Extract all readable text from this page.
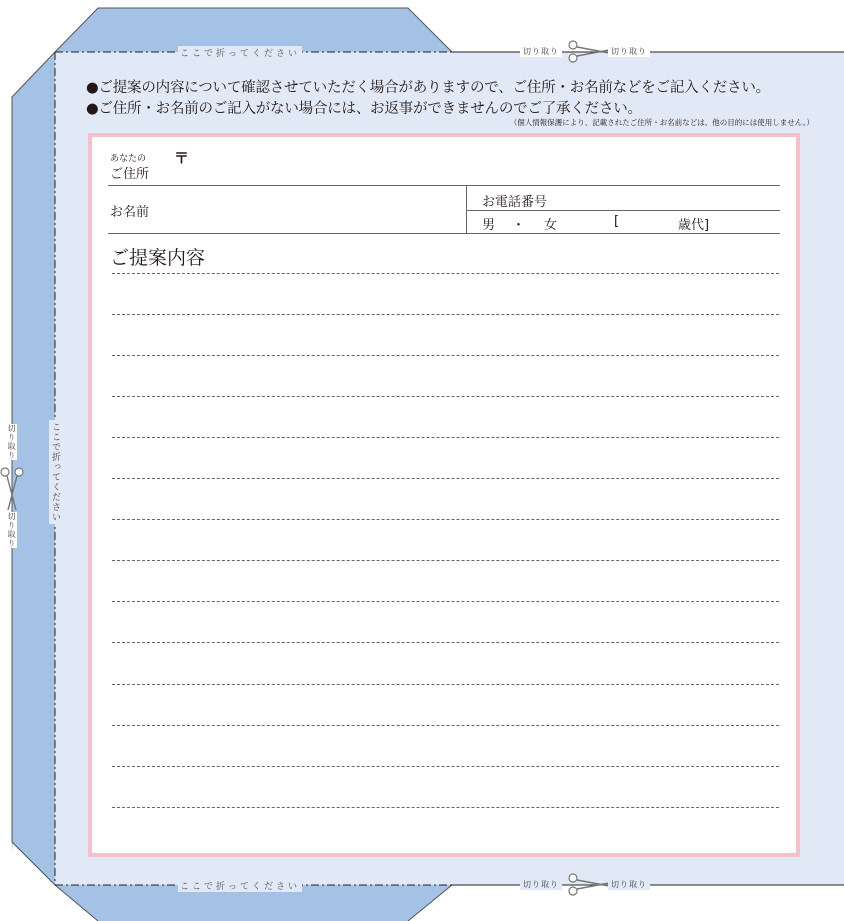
ここで折ってください	切り取り	切り取り
●ご提案の内容について確認させていただく場合がありますので、ご住所・お名前などをご記入ください。
●ご住所・お名前のご記入がない場合には、お返事ができませんのでご了承ください。
（個人情報保護により、記載されたご住所・お名前などは、他の目的には使用しません。）
あなたの
ご住所
〒
お名前
お電話番号
男 ・ 女	[	歳代]
ご提案内容
ここで折ってください
切り取り
切り取り
ここで折ってください	切り取り	切り取り
